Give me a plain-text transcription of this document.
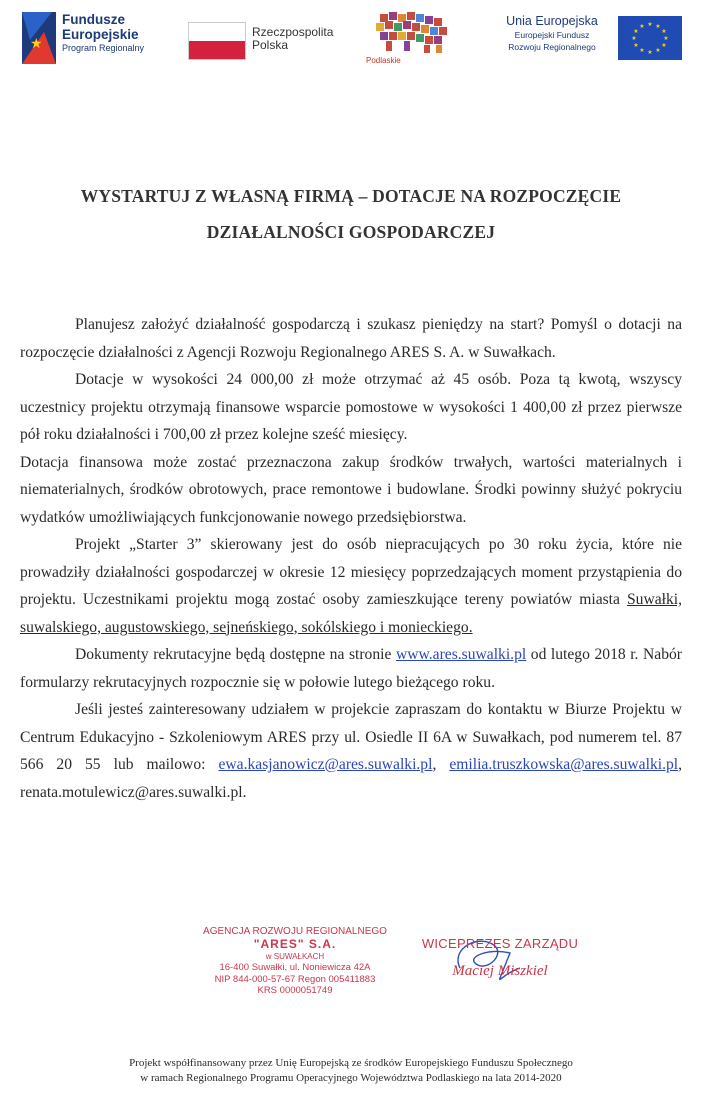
★
Fundusze
Europejskie
Program Regionalny
Rzeczpospolita
Polska
Podlaskie
Unia Europejska
Europejski Fundusz
Rozwoju Regionalnego
★ ★
★
★
★
★
★
★
★
★
★
★
WYSTARTUJ Z WŁASNĄ FIRMĄ – DOTACJE NA ROZPOCZĘCIE
DZIAŁALNOŚCI GOSPODARCZEJ

Planujesz założyć działalność gospodarczą i szukasz pieniędzy na start? Pomyśl o dotacji na rozpoczęcie działalności z Agencji Rozwoju Regionalnego ARES S. A. w Suwałkach.

Dotacje w wysokości 24 000,00 zł może otrzymać aż 45 osób. Poza tą kwotą, wszyscy uczestnicy projektu otrzymają finansowe wsparcie pomostowe w wysokości 1 400,00 zł przez pierwsze pół roku działalności i 700,00 zł przez kolejne sześć miesięcy.

Dotacja finansowa może zostać przeznaczona zakup środków trwałych, wartości materialnych i niematerialnych, środków obrotowych, prace remontowe i budowlane. Środki powinny służyć pokryciu wydatków umożliwiających funkcjonowanie nowego przedsiębiorstwa.

Projekt „Starter 3” skierowany jest do osób niepracujących po 30 roku życia, które nie prowadziły działalności gospodarczej w okresie 12 miesięcy poprzedzających moment przystąpienia do projektu. Uczestnikami projektu mogą zostać osoby zamieszkujące tereny powiatów miasta Suwałki, suwalskiego, augustowskiego, sejneńskiego, sokólskiego i monieckiego.

Dokumenty rekrutacyjne będą dostępne na stronie www.ares.suwalki.pl od lutego 2018 r. Nabór formularzy rekrutacyjnych rozpocznie się w połowie lutego bieżącego roku.

Jeśli jesteś zainteresowany udziałem w projekcie zapraszam do kontaktu w Biurze Projektu w Centrum Edukacyjno - Szkoleniowym ARES przy ul. Osiedle II 6A w Suwałkach, pod numerem tel. 87 566 20 55 lub mailowo: ewa.kasjanowicz@ares.suwalki.pl, emilia.truszkowska@ares.suwalki.pl, renata.motulewicz@ares.suwalki.pl.

AGENCJA ROZWOJU REGIONALNEGO
"ARES" S.A.
w SUWAŁKACH
16-400 Suwałki, ul. Noniewicza 42A
NIP 844-000-57-67 Regon 005411883
KRS 0000051749
WICEPREZES ZARZĄDU
Maciej Miszkiel
Projekt współfinansowany przez Unię Europejską ze środków Europejskiego Funduszu Społecznego
w ramach Regionalnego Programu Operacyjnego Województwa Podlaskiego na lata 2014-2020
